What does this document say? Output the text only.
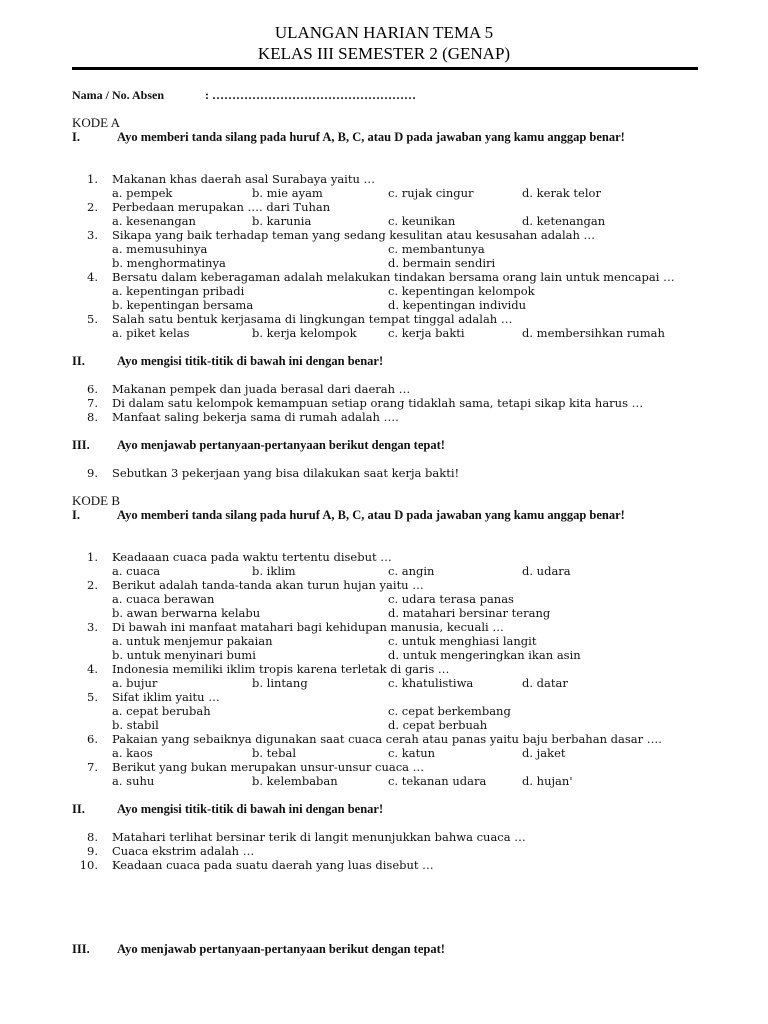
ULANGAN HARIAN TEMA 5
KELAS III SEMESTER 2 (GENAP)
Nama / No. Absen	: ……………………………………………
KODE A
I.	Ayo memberi tanda silang pada huruf A, B, C, atau D pada jawaban yang kamu anggap benar!
1. Makanan khas daerah asal Surabaya yaitu …
a. pempek	b. mie ayam	c. rujak cingur	d. kerak telor
2. Perbedaan merupakan …. dari Tuhan
a. kesenangan	b. karunia	c. keunikan	d. ketenangan
3. Sikapa yang baik terhadap teman yang sedang kesulitan atau kesusahan adalah …
a. memusuhinya	c. membantunya
b. menghormatinya	d. bermain sendiri
4. Bersatu dalam keberagaman adalah melakukan tindakan bersama orang lain untuk mencapai …
a. kepentingan pribadi	c. kepentingan kelompok
b. kepentingan bersama	d. kepentingan individu
5. Salah satu bentuk kerjasama di lingkungan tempat tinggal adalah …
a. piket kelas	b. kerja kelompok	c. kerja bakti	d. membersihkan rumah
II.	Ayo mengisi titik-titik di bawah ini dengan benar!
6. Makanan pempek dan juada berasal dari daerah …
7. Di dalam satu kelompok kemampuan setiap orang tidaklah sama, tetapi sikap kita harus …
8. Manfaat saling bekerja sama di rumah adalah ….
III. Ayo menjawab pertanyaan-pertanyaan berikut dengan tepat!
9. Sebutkan 3 pekerjaan yang bisa dilakukan saat kerja bakti!
KODE B
I.	Ayo memberi tanda silang pada huruf A, B, C, atau D pada jawaban yang kamu anggap benar!
1. Keadaaan cuaca pada waktu tertentu disebut …
a. cuaca	b. iklim	c. angin	d. udara
2. Berikut adalah tanda-tanda akan turun hujan yaitu …
a. cuaca berawan	c. udara terasa panas
b. awan berwarna kelabu	d. matahari bersinar terang
3. Di bawah ini manfaat matahari bagi kehidupan manusia, kecuali …
a. untuk menjemur pakaian	c. untuk menghiasi langit
b. untuk menyinari bumi	d. untuk mengeringkan ikan asin
4. Indonesia memiliki iklim tropis karena terletak di garis …
a. bujur	b. lintang	c. khatulistiwa	d. datar
5. Sifat iklim yaitu …
a. cepat berubah	c. cepat berkembang
b. stabil	d. cepat berbuah
6. Pakaian yang sebaiknya digunakan saat cuaca cerah atau panas yaitu baju berbahan dasar ….
a. kaos	b. tebal	c. katun	d. jaket
7. Berikut yang bukan merupakan unsur-unsur cuaca …
a. suhu	b. kelembaban	c. tekanan udara	d. hujan'
II.	Ayo mengisi titik-titik di bawah ini dengan benar!
8. Matahari terlihat bersinar terik di langit menunjukkan bahwa cuaca …
9. Cuaca ekstrim adalah …
10. Keadaan cuaca pada suatu daerah yang luas disebut …
III. Ayo menjawab pertanyaan-pertanyaan berikut dengan tepat!
